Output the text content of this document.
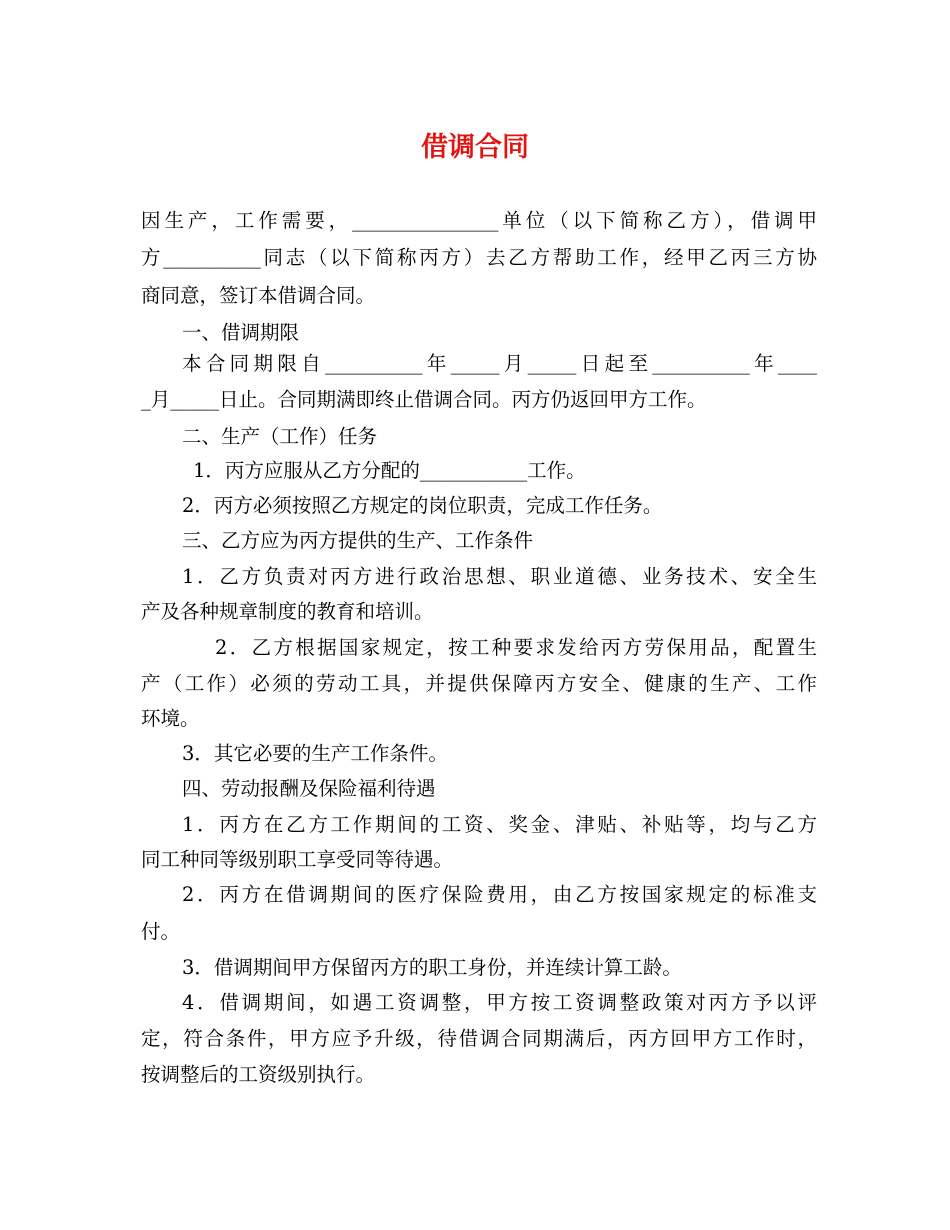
借调合同

因生产，工作需要，_______________单位（以下简称乙方），借调甲

方__________同志（以下简称丙方）去乙方帮助工作，经甲乙丙三方协

商同意，签订本借调合同。

一、借调期限

本合同期限自__________年_____月_____日起至__________年____

_月_____日止。合同期满即终止借调合同。丙方仍返回甲方工作。

二、生产（工作）任务

1．丙方应服从乙方分配的___________工作。

2．丙方必须按照乙方规定的岗位职责，完成工作任务。

三、乙方应为丙方提供的生产、工作条件

1．乙方负责对丙方进行政治思想、职业道德、业务技术、安全生

产及各种规章制度的教育和培训。

2．乙方根据国家规定，按工种要求发给丙方劳保用品，配置生

产（工作）必须的劳动工具，并提供保障丙方安全、健康的生产、工作

环境。

3．其它必要的生产工作条件。

四、劳动报酬及保险福利待遇

1．丙方在乙方工作期间的工资、奖金、津贴、补贴等，均与乙方

同工种同等级别职工享受同等待遇。

2．丙方在借调期间的医疗保险费用，由乙方按国家规定的标准支

付。

3．借调期间甲方保留丙方的职工身份，并连续计算工龄。

4．借调期间，如遇工资调整，甲方按工资调整政策对丙方予以评

定，符合条件，甲方应予升级，待借调合同期满后，丙方回甲方工作时，

按调整后的工资级别执行。
